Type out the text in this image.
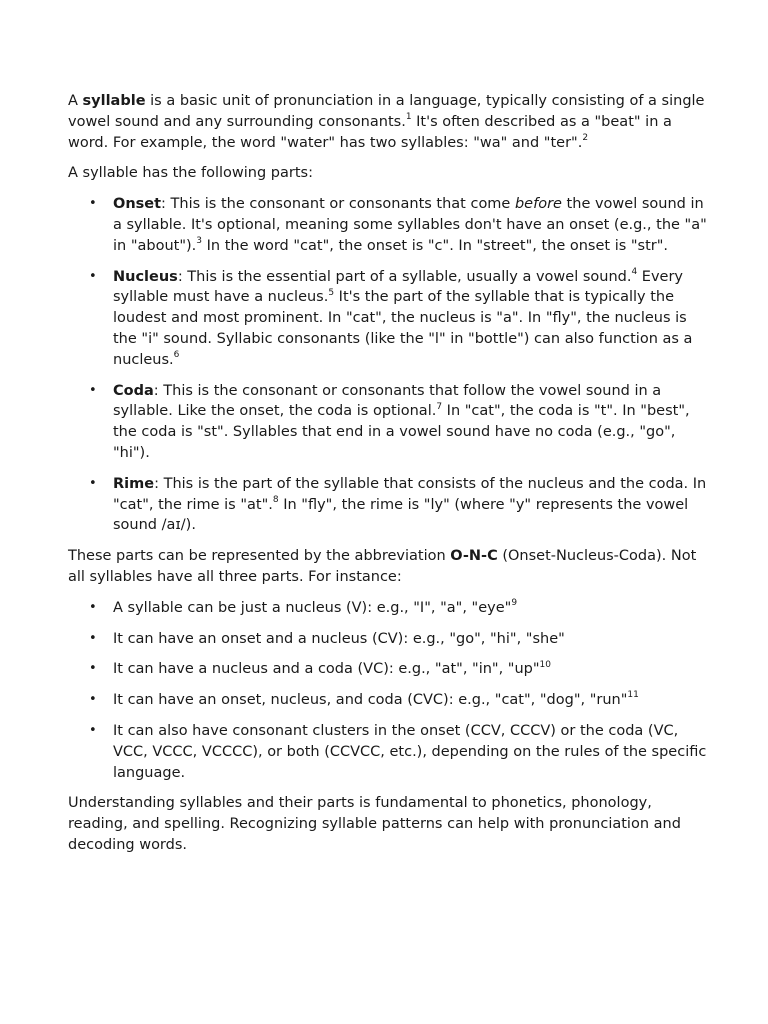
A syllable is a basic unit of pronunciation in a language, typically consisting of a single vowel sound and any surrounding consonants.$^1$ It's often described as a "beat" in a word. For example, the word "water" has two syllables: "wa" and "ter".$^2$

A syllable has the following parts:

• Onset: This is the consonant or consonants that come before the vowel sound in a syllable. It's optional, meaning some syllables don't have an onset (e.g., the "a" in "about").$^3$ In the word "cat", the onset is "c". In "street", the onset is "str".
• Nucleus: This is the essential part of a syllable, usually a vowel sound.$^4$ Every syllable must have a nucleus.$^5$ It's the part of the syllable that is typically the loudest and most prominent. In "cat", the nucleus is "a". In "fly", the nucleus is the "i" sound. Syllabic consonants (like the "l" in "bottle") can also function as a nucleus.$^6$
• Coda: This is the consonant or consonants that follow the vowel sound in a syllable. Like the onset, the coda is optional.$^7$ In "cat", the coda is "t". In "best", the coda is "st". Syllables that end in a vowel sound have no coda (e.g., "go", "hi").
• Rime: This is the part of the syllable that consists of the nucleus and the coda. In "cat", the rime is "at".$^8$ In "fly", the rime is "ly" (where "y" represents the vowel sound /aɪ/).

These parts can be represented by the abbreviation O-N-C (Onset-Nucleus-Coda). Not all syllables have all three parts. For instance:

• A syllable can be just a nucleus (V): e.g., "I", "a", "eye"$^9$
• It can have an onset and a nucleus (CV): e.g., "go", "hi", "she"
• It can have a nucleus and a coda (VC): e.g., "at", "in", "up"$^{10}$
• It can have an onset, nucleus, and coda (CVC): e.g., "cat", "dog", "run"$^{11}$
• It can also have consonant clusters in the onset (CCV, CCCV) or the coda (VC, VCC, VCCC, VCCCC), or both (CCVCC, etc.), depending on the rules of the specific language.

Understanding syllables and their parts is fundamental to phonetics, phonology, reading, and spelling. Recognizing syllable patterns can help with pronunciation and decoding words.
